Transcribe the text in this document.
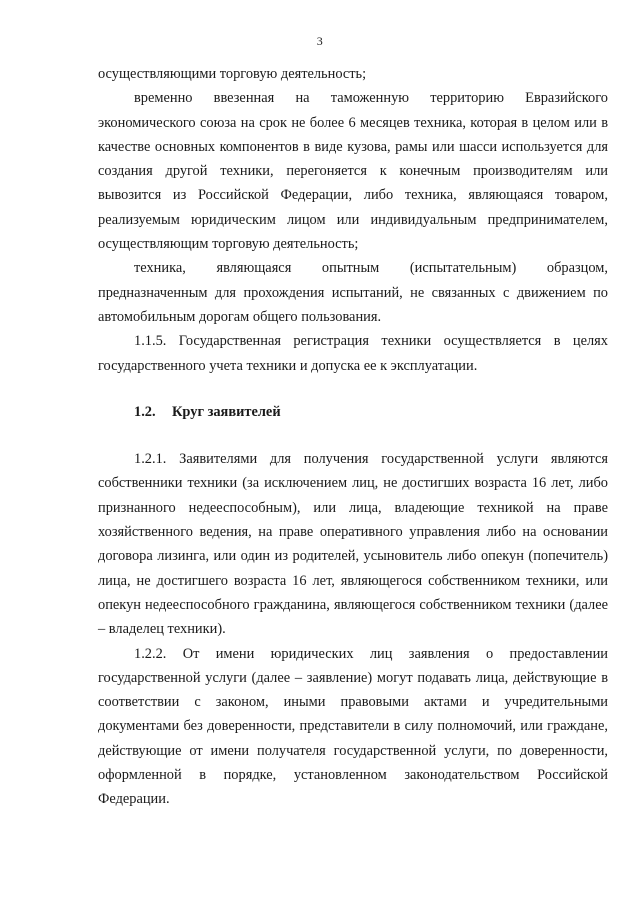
3

осуществляющими торговую деятельность;

временно ввезенная на таможенную территорию Евразийского экономического союза на срок не более 6 месяцев техника, которая в целом или в качестве основных компонентов в виде кузова, рамы или шасси используется для создания другой техники, перегоняется к конечным производителям или вывозится из Российской Федерации, либо техника, являющаяся товаром, реализуемым юридическим лицом или индивидуальным предпринимателем, осуществляющим торговую деятельность;

техника, являющаяся опытным (испытательным) образцом, предназначенным для прохождения испытаний, не связанных с движением по автомобильным дорогам общего пользования.

1.1.5. Государственная регистрация техники осуществляется в целях государственного учета техники и допуска ее к эксплуатации.

1.2. Круг заявителей

1.2.1. Заявителями для получения государственной услуги являются собственники техники (за исключением лиц, не достигших возраста 16 лет, либо признанного недееспособным), или лица, владеющие техникой на праве хозяйственного ведения, на праве оперативного управления либо на основании договора лизинга, или один из родителей, усыновитель либо опекун (попечитель) лица, не достигшего возраста 16 лет, являющегося собственником техники, или опекун недееспособного гражданина, являющегося собственником техники (далее – владелец техники).

1.2.2. От имени юридических лиц заявления о предоставлении государственной услуги (далее – заявление) могут подавать лица, действующие в соответствии с законом, иными правовыми актами и учредительными документами без доверенности, представители в силу полномочий, или граждане, действующие от имени получателя государственной услуги, по доверенности, оформленной в порядке, установленном законодательством Российской Федерации.
